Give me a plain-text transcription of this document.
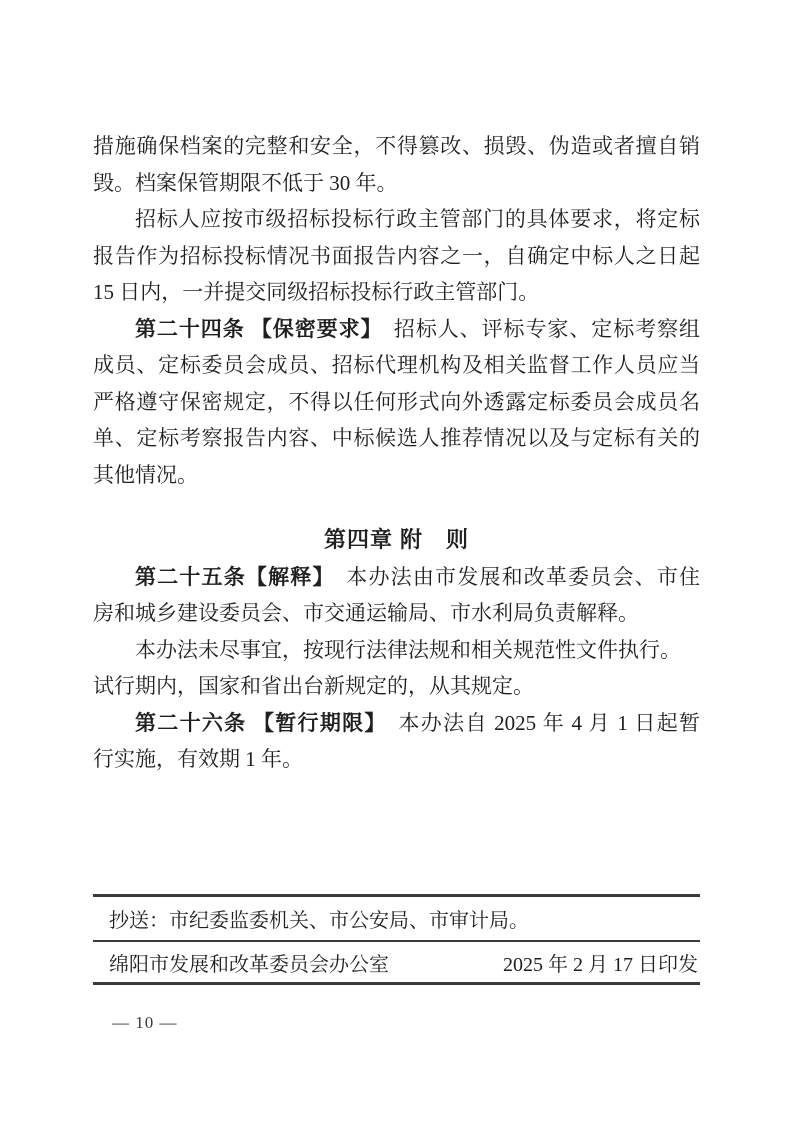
措施确保档案的完整和安全，不得篡改、损毁、伪造或者擅自销
毁。档案保管期限不低于 30 年。
招标人应按市级招标投标行政主管部门的具体要求，将定标
报告作为招标投标情况书面报告内容之一，自确定中标人之日起
15 日内，一并提交同级招标投标行政主管部门。
第二十四条 【保密要求】　招标人、评标专家、定标考察组
成员、定标委员会成员、招标代理机构及相关监督工作人员应当
严格遵守保密规定，不得以任何形式向外透露定标委员会成员名
单、定标考察报告内容、中标候选人推荐情况以及与定标有关的
其他情况。
第四章 附　则
第二十五条【解释】　本办法由市发展和改革委员会、市住
房和城乡建设委员会、市交通运输局、市水利局负责解释。
本办法未尽事宜，按现行法律法规和相关规范性文件执行。
试行期内，国家和省出台新规定的，从其规定。
第二十六条 【暂行期限】　本办法自 2025 年 4 月 1 日起暂
行实施，有效期 1 年。
抄送：市纪委监委机关、市公安局、市审计局。
绵阳市发展和改革委员会办公室	2025 年 2 月 17 日印发
— 10 —
